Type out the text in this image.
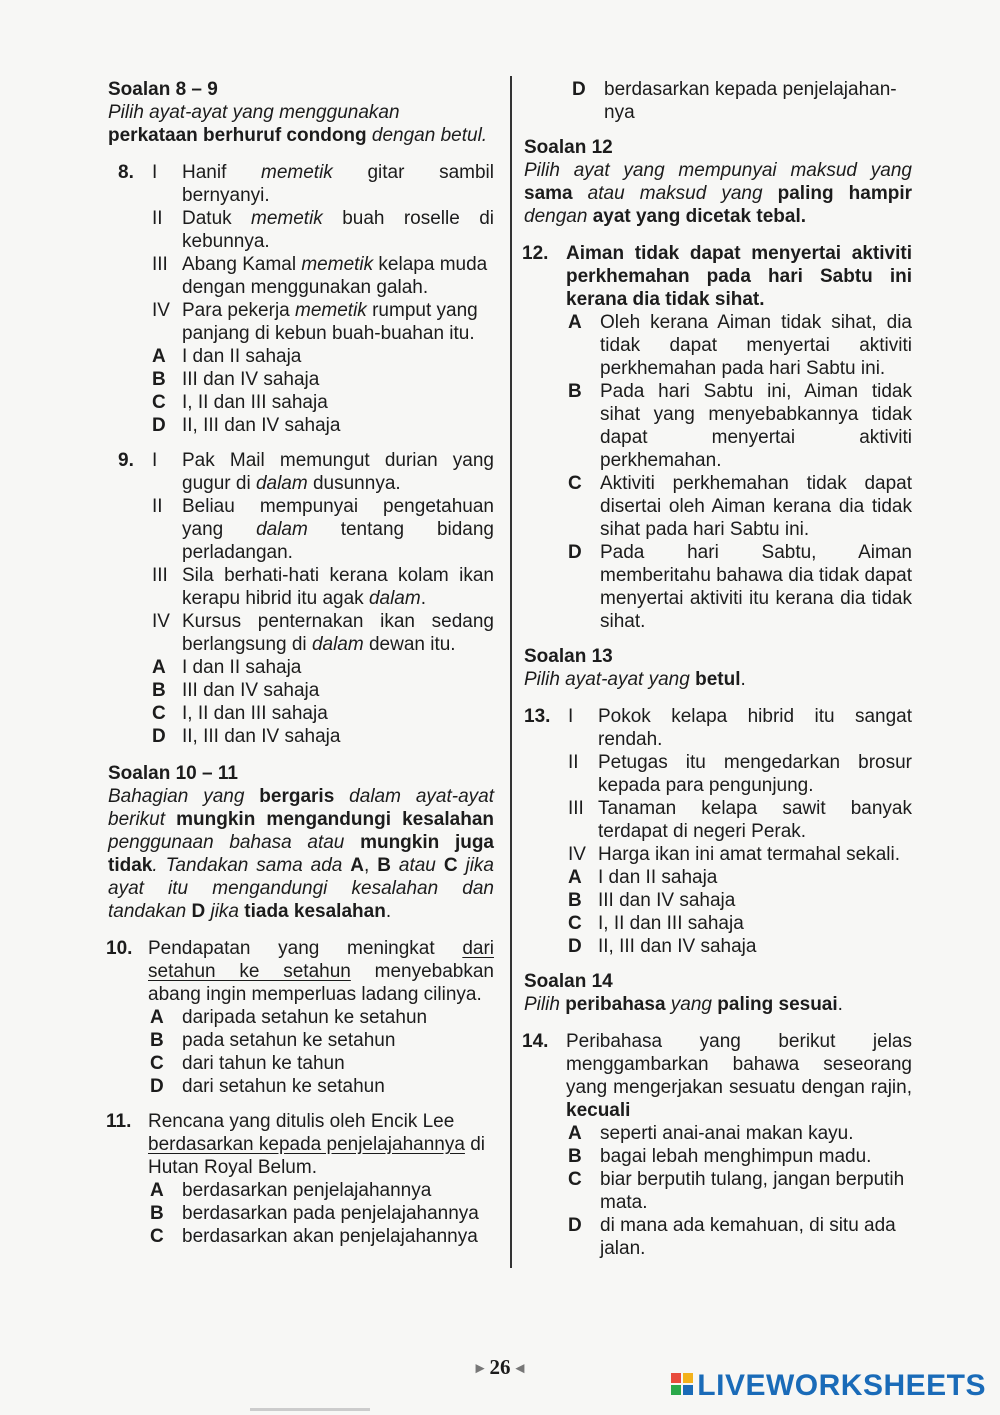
Soalan 8 – 9
Pilih ayat-ayat yang menggunakan perkataan berhuruf condong dengan betul.
8. I	Hanif memetik gitar sambil bernyanyi.
II	Datuk memetik buah roselle di kebunnya.
III Abang Kamal memetik kelapa muda dengan menggunakan galah.
IV Para pekerja memetik rumput yang panjang di kebun buah-buahan itu.
A I dan II sahaja
B III dan IV sahaja
C I, II dan III sahaja
D II, III dan IV sahaja
9. I	Pak Mail memungut durian yang gugur di dalam dusunnya.
II	Beliau mempunyai pengetahuan yang dalam tentang bidang perladangan.
III Sila berhati-hati kerana kolam ikan kerapu hibrid itu agak dalam.
IV Kursus penternakan ikan sedang berlangsung di dalam dewan itu.
A I dan II sahaja
B III dan IV sahaja
C I, II dan III sahaja
D II, III dan IV sahaja
Soalan 10 – 11
Bahagian yang bergaris dalam ayat-ayat berikut mungkin mengandungi kesalahan penggunaan bahasa atau mungkin juga tidak. Tandakan sama ada A, B atau C jika ayat itu mengandungi kesalahan dan tandakan D jika tiada kesalahan.
10. Pendapatan yang meningkat dari setahun ke setahun menyebabkan abang ingin memperluas ladang cilinya.
A daripada setahun ke setahun
B pada setahun ke setahun
C dari tahun ke tahun
D dari setahun ke setahun
11. Rencana yang ditulis oleh Encik Lee berdasarkan kepada penjelajahannya di Hutan Royal Belum.
A berdasarkan penjelajahannya
B berdasarkan pada penjelajahannya
C berdasarkan akan penjelajahannya
D berdasarkan kepada penjelajahan-nya
Soalan 12
Pilih ayat yang mempunyai maksud yang sama atau maksud yang paling hampir dengan ayat yang dicetak tebal.
12. Aiman tidak dapat menyertai aktiviti perkhemahan pada hari Sabtu ini kerana dia tidak sihat.
A Oleh kerana Aiman tidak sihat, dia tidak dapat menyertai aktiviti perkhemahan pada hari Sabtu ini.
B Pada hari Sabtu ini, Aiman tidak sihat yang menyebabkannya tidak dapat menyertai aktiviti perkhemahan.
C Aktiviti perkhemahan tidak dapat disertai oleh Aiman kerana dia tidak sihat pada hari Sabtu ini.
D Pada hari Sabtu, Aiman memberitahu bahawa dia tidak dapat menyertai aktiviti itu kerana dia tidak sihat.
Soalan 13
Pilih ayat-ayat yang betul.
13. I	Pokok kelapa hibrid itu sangat rendah.
II	Petugas itu mengedarkan brosur kepada para pengunjung.
III Tanaman kelapa sawit banyak terdapat di negeri Perak.
IV Harga ikan ini amat termahal sekali.
A I dan II sahaja
B III dan IV sahaja
C I, II dan III sahaja
D II, III dan IV sahaja
Soalan 14
Pilih peribahasa yang paling sesuai.
14. Peribahasa yang berikut jelas menggambarkan bahawa seseorang yang mengerjakan sesuatu dengan rajin, kecuali
A seperti anai-anai makan kayu.
B bagai lebah menghimpun madu.
C biar berputih tulang, jangan berputih mata.
D di mana ada kemahuan, di situ ada jalan.
▶ 26 ◀
LIVEWORKSHEETS
